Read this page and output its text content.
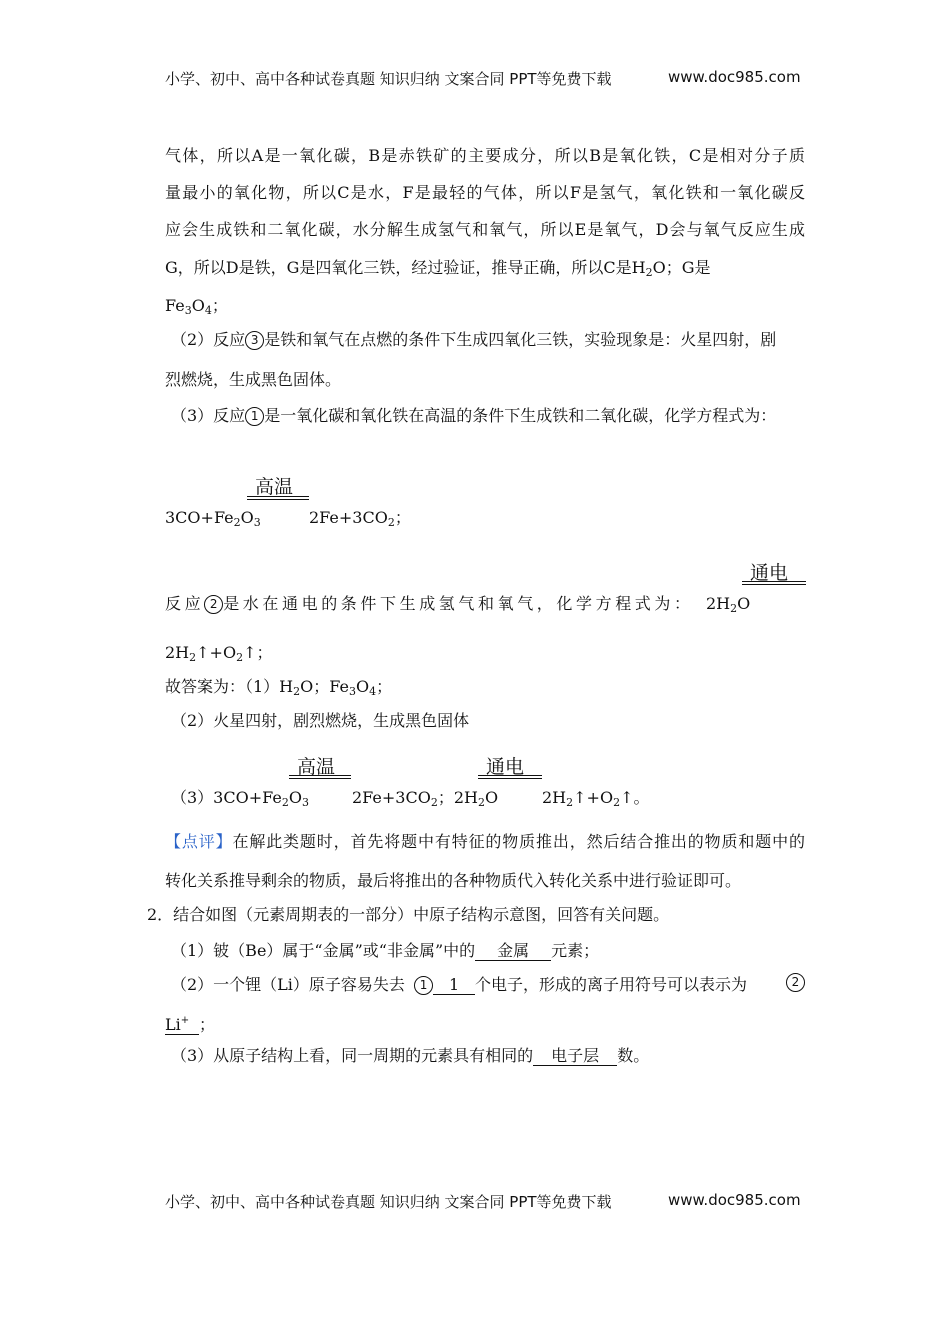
小学、初中、高中各种试卷真题 知识归纳 文案合同 PPT等免费下载	www.doc985.com
气体，所以A是一氧化碳，B是赤铁矿的主要成分，所以B是氧化铁，C是相对分子质
量最小的氧化物，所以C是水，F是最轻的气体，所以F是氢气，氧化铁和一氧化碳反
应会生成铁和二氧化碳，水分解生成氢气和氧气，所以E是氧气，D会与氧气反应生成
G，所以D是铁，G是四氧化三铁，经过验证，推导正确，所以C是$H_2O$；G是
$Fe_3O_4$；
（2）反应 3 是铁和氧气在点燃的条件下生成四氧化三铁，实验现象是：火星四射，剧
烈燃烧，生成黑色固体。
（3）反应 1 是一氧化碳和氧化铁在高温的条件下生成铁和二氧化碳，化学方程式为：
高温
$3CO+Fe_2O_3$	$2Fe+3CO_2$；
通电
反应 2 是水在通电的条件下生成氢气和氧气，化学方程式为： $2H_2O$
$2H_2↑+O_2↑$；
故答案为：$(1)H_2O$；$Fe_3O_4$；
（2）火星四射，剧烈燃烧，生成黑色固体
高温	通电
$(3)3CO+Fe_2O_3$	$2Fe+3CO_2$；$2H_2O$	$2H_2↑+O_2↑$。
【点评】在解此类题时，首先将题中有特征的物质推出，然后结合推出的物质和题中的
转化关系推导剩余的物质，最后将推出的各种物质代入转化关系中进行验证即可。
2．结合如图（元素周期表的一部分）中原子结构示意图，回答有关问题。
（1）铍（Be）属于“金属”或“非金属”中的 金属 元素；
（2）一个锂（Li）原子容易失去 1 1 个电子，形成的离子用符号可以表示为	2
Li+ ；
（3）从原子结构上看，同一周期的元素具有相同的 电子层 数。
小学、初中、高中各种试卷真题 知识归纳 文案合同 PPT等免费下载	www.doc985.com
